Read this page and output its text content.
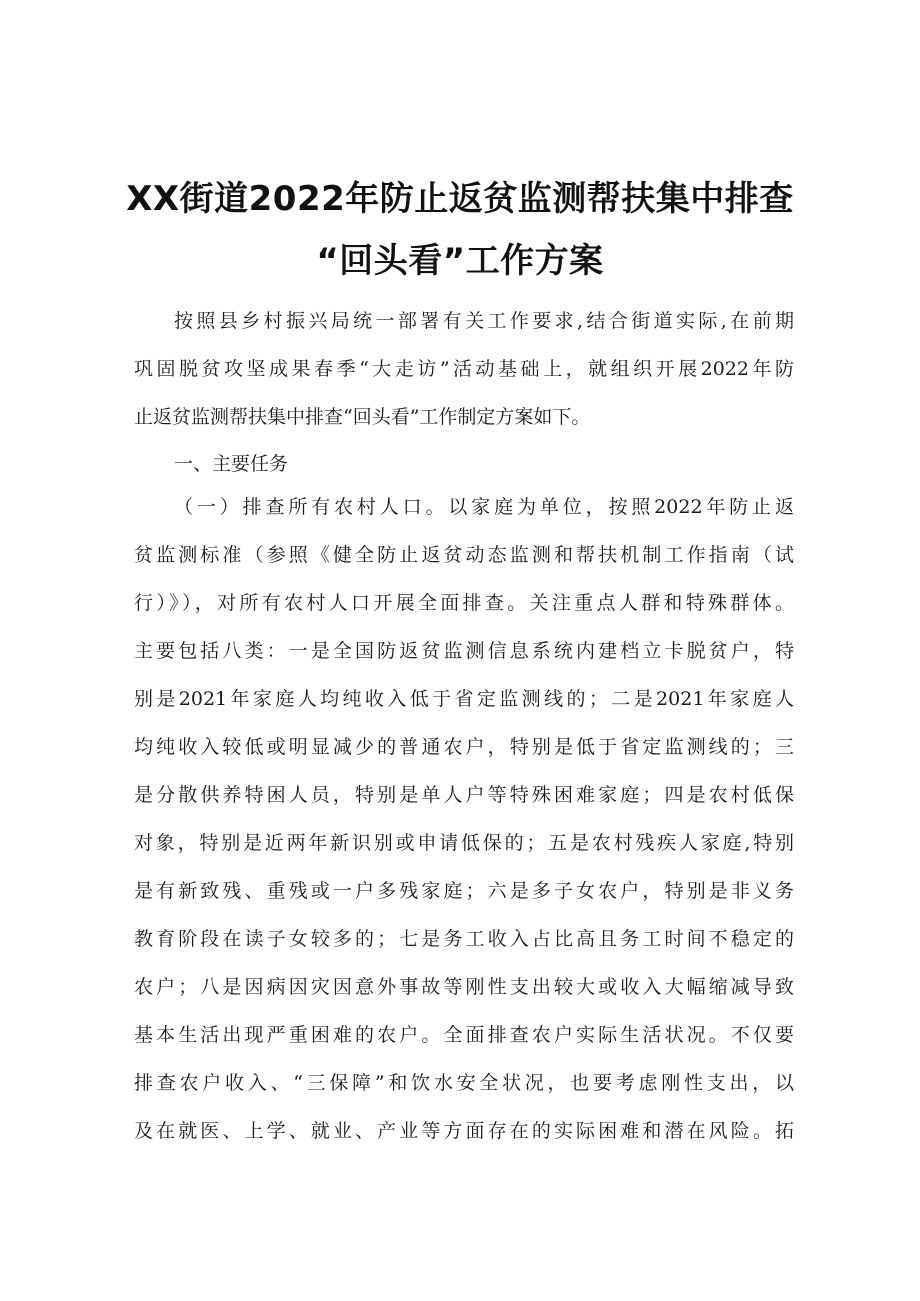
XX街道2022年防止返贫监测帮扶集中排查
“回头看”工作方案
按照县乡村振兴局统一部署有关工作要求,结合街道实际,在前期
巩固脱贫攻坚成果春季“大走访”活动基础上，就组织开展2022年防
止返贫监测帮扶集中排查“回头看”工作制定方案如下。
一、主要任务
（一）排查所有农村人口。以家庭为单位，按照2022年防止返
贫监测标准（参照《健全防止返贫动态监测和帮扶机制工作指南（试
行）》），对所有农村人口开展全面排查。关注重点人群和特殊群体。
主要包括八类：一是全国防返贫监测信息系统内建档立卡脱贫户，特
别是2021年家庭人均纯收入低于省定监测线的；二是2021年家庭人
均纯收入较低或明显减少的普通农户，特别是低于省定监测线的；三
是分散供养特困人员，特别是单人户等特殊困难家庭；四是农村低保
对象，特别是近两年新识别或申请低保的；五是农村残疾人家庭,特别
是有新致残、重残或一户多残家庭；六是多子女农户，特别是非义务
教育阶段在读子女较多的；七是务工收入占比高且务工时间不稳定的
农户；八是因病因灾因意外事故等刚性支出较大或收入大幅缩减导致
基本生活出现严重困难的农户。全面排查农户实际生活状况。不仅要
排查农户收入、“三保障”和饮水安全状况，也要考虑刚性支出，以
及在就医、上学、就业、产业等方面存在的实际困难和潜在风险。拓
